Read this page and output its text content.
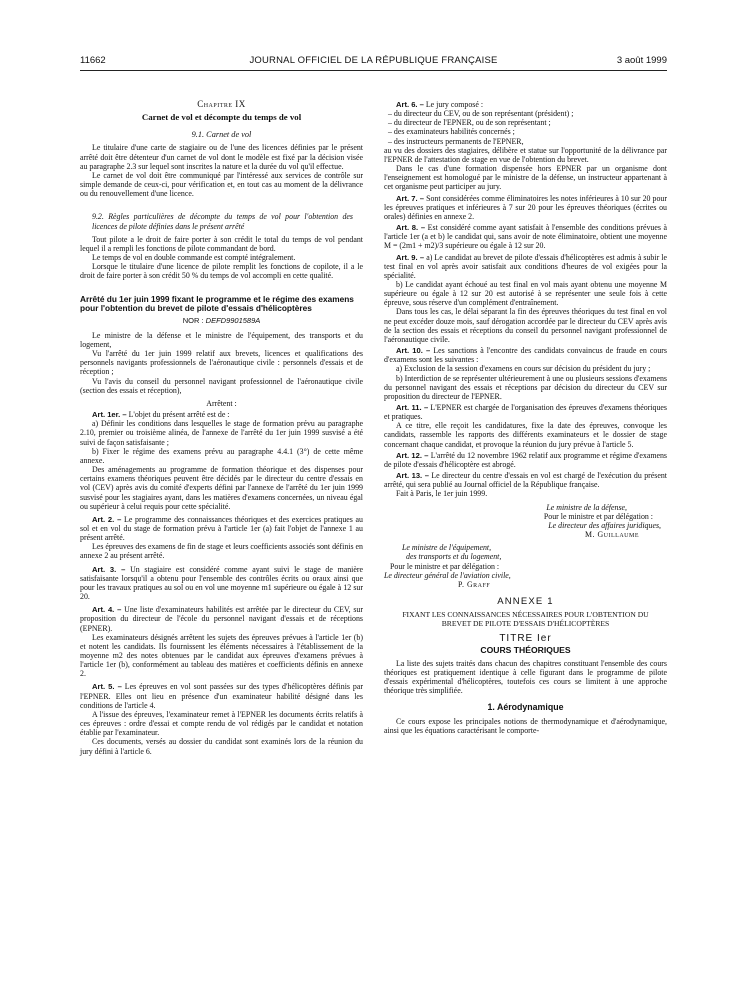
11662	JOURNAL OFFICIEL DE LA RÉPUBLIQUE FRANÇAISE	3 août 1999

Chapitre IX

Carnet de vol et décompte du temps de vol

9.1. Carnet de vol

Le titulaire d'une carte de stagiaire ou de l'une des licences définies par le présent arrêté doit être détenteur d'un carnet de vol dont le modèle est fixé par la décision visée au paragraphe 2.3 sur lequel sont inscrites la nature et la durée du vol qu'il effectue.

Le carnet de vol doit être communiqué par l'intéressé aux services de contrôle sur simple demande de ceux-ci, pour vérification et, en tout cas au moment de la délivrance ou du renouvellement d'une licence.

9.2. Règles particulières de décompte du temps de vol pour l'obtention des licences de pilote définies dans le présent arrêté

Tout pilote a le droit de faire porter à son crédit le total du temps de vol pendant lequel il a rempli les fonctions de pilote commandant de bord.

Le temps de vol en double commande est compté intégralement.

Lorsque le titulaire d'une licence de pilote remplit les fonctions de copilote, il a le droit de faire porter à son crédit 50 % du temps de vol accompli en cette qualité.

Arrêté du 1er juin 1999 fixant le programme et le régime des examens pour l'obtention du brevet de pilote d'essais d'hélicoptères

NOR : DEFD9901589A

Le ministre de la défense et le ministre de l'équipement, des transports et du logement,

Vu l'arrêté du 1er juin 1999 relatif aux brevets, licences et qualifications des personnels navigants professionnels de l'aéronautique civile : personnels d'essais et de réception ;

Vu l'avis du conseil du personnel navigant professionnel de l'aéronautique civile (section des essais et réception),

Arrêtent :

Art. 1er. – L'objet du présent arrêté est de :

a) Définir les conditions dans lesquelles le stage de formation prévu au paragraphe 2.10, premier ou troisième alinéa, de l'annexe de l'arrêté du 1er juin 1999 susvisé a été suivi de façon satisfaisante ;

b) Fixer le régime des examens prévu au paragraphe 4.4.1 (3°) de cette même annexe.

Des aménagements au programme de formation théorique et des dispenses pour certains examens théoriques peuvent être décidés par le directeur du centre d'essais en vol (CEV) après avis du comité d'experts défini par l'annexe de l'arrêté du 1er juin 1999 susvisé pour les stagiaires ayant, dans les matières d'examens concernées, un niveau égal ou supérieur à celui requis pour cette spécialité.

Art. 2. – Le programme des connaissances théoriques et des exercices pratiques au sol et en vol du stage de formation prévu à l'article 1er (a) fait l'objet de l'annexe 1 au présent arrêté.

Les épreuves des examens de fin de stage et leurs coefficients associés sont définis en annexe 2 au présent arrêté.

Art. 3. – Un stagiaire est considéré comme ayant suivi le stage de manière satisfaisante lorsqu'il a obtenu pour l'ensemble des contrôles écrits ou oraux ainsi que pour les travaux pratiques au sol ou en vol une moyenne m1 supérieure ou égale à 12 sur 20.

Art. 4. – Une liste d'examinateurs habilités est arrêtée par le directeur du CEV, sur proposition du directeur de l'école du personnel navigant d'essais et de réceptions (EPNER).

Les examinateurs désignés arrêtent les sujets des épreuves prévues à l'article 1er (b) et notent les candidats. Ils fournissent les éléments nécessaires à l'établissement de la moyenne m2 des notes obtenues par le candidat aux épreuves d'examens prévues à l'article 1er (b), conformément au tableau des matières et coefficients définis en annexe 2.

Art. 5. – Les épreuves en vol sont passées sur des types d'hélicoptères définis par l'EPNER. Elles ont lieu en présence d'un examinateur habilité désigné dans les conditions de l'article 4.

A l'issue des épreuves, l'examinateur remet à l'EPNER les documents écrits relatifs à ces épreuves : ordre d'essai et compte rendu de vol rédigés par le candidat et notation établie par l'examinateur.

Ces documents, versés au dossier du candidat sont examinés lors de la réunion du jury défini à l'article 6.

Art. 6. – Le jury composé :

– du directeur du CEV, ou de son représentant (président) ;

– du directeur de l'EPNER, ou de son représentant ;

– des examinateurs habilités concernés ;

– des instructeurs permanents de l'EPNER,

au vu des dossiers des stagiaires, délibère et statue sur l'opportunité de la délivrance par l'EPNER de l'attestation de stage en vue de l'obtention du brevet.

Dans le cas d'une formation dispensée hors EPNER par un organisme dont l'enseignement est homologué par le ministre de la défense, un instructeur appartenant à cet organisme peut participer au jury.

Art. 7. – Sont considérées comme éliminatoires les notes inférieures à 10 sur 20 pour les épreuves pratiques et inférieures à 7 sur 20 pour les épreuves théoriques (écrites ou orales) définies en annexe 2.

Art. 8. – Est considéré comme ayant satisfait à l'ensemble des conditions prévues à l'article 1er (a et b) le candidat qui, sans avoir de note éliminatoire, obtient une moyenne M = (2m1 + m2)/3 supérieure ou égale à 12 sur 20.

Art. 9. – a) Le candidat au brevet de pilote d'essais d'hélicoptères est admis à subir le test final en vol après avoir satisfait aux conditions d'heures de vol exigées pour la spécialité.

b) Le candidat ayant échoué au test final en vol mais ayant obtenu une moyenne M supérieure ou égale à 12 sur 20 est autorisé à se représenter une seule fois à cette épreuve, sous réserve d'un complément d'entraînement.

Dans tous les cas, le délai séparant la fin des épreuves théoriques du test final en vol ne peut excéder douze mois, sauf dérogation accordée par le directeur du CEV après avis de la section des essais et réceptions du conseil du personnel navigant professionnel de l'aéronautique civile.

Art. 10. – Les sanctions à l'encontre des candidats convaincus de fraude en cours d'examens sont les suivantes :

a) Exclusion de la session d'examens en cours sur décision du président du jury ;

b) Interdiction de se représenter ultérieurement à une ou plusieurs sessions d'examens du personnel navigant des essais et réceptions par décision du directeur du CEV sur proposition du directeur de l'EPNER.

Art. 11. – L'EPNER est chargée de l'organisation des épreuves d'examens théoriques et pratiques.

A ce titre, elle reçoit les candidatures, fixe la date des épreuves, convoque les candidats, rassemble les rapports des différents examinateurs et le dossier de stage concernant chaque candidat, et provoque la réunion du jury prévue à l'article 5.

Art. 12. – L'arrêté du 12 novembre 1962 relatif aux programme et régime d'examens de pilote d'essais d'hélicoptère est abrogé.

Art. 13. – Le directeur du centre d'essais en vol est chargé de l'exécution du présent arrêté, qui sera publié au Journal officiel de la République française.

Fait à Paris, le 1er juin 1999.

Le ministre de la défense,

Pour le ministre et par délégation :

Le directeur des affaires juridiques,

M. Guillaume

Le ministre de l'équipement,

des transports et du logement,

Pour le ministre et par délégation :

Le directeur général de l'aviation civile,

P. Graff

ANNEXE 1

FIXANT LES CONNAISSANCES NÉCESSAIRES POUR L'OBTENTION DU BREVET DE PILOTE D'ESSAIS D'HÉLICOPTÈRES

TITRE Ier

COURS THÉORIQUES

La liste des sujets traités dans chacun des chapitres constituant l'ensemble des cours théoriques est pratiquement identique à celle figurant dans le programme de pilote d'essais expérimental d'hélicoptères, toutefois ces cours se limitent à une approche théorique très simplifiée.

1. Aérodynamique

Ce cours expose les principales notions de thermodynamique et d'aérodynamique, ainsi que les équations caractérisant le comporte-
